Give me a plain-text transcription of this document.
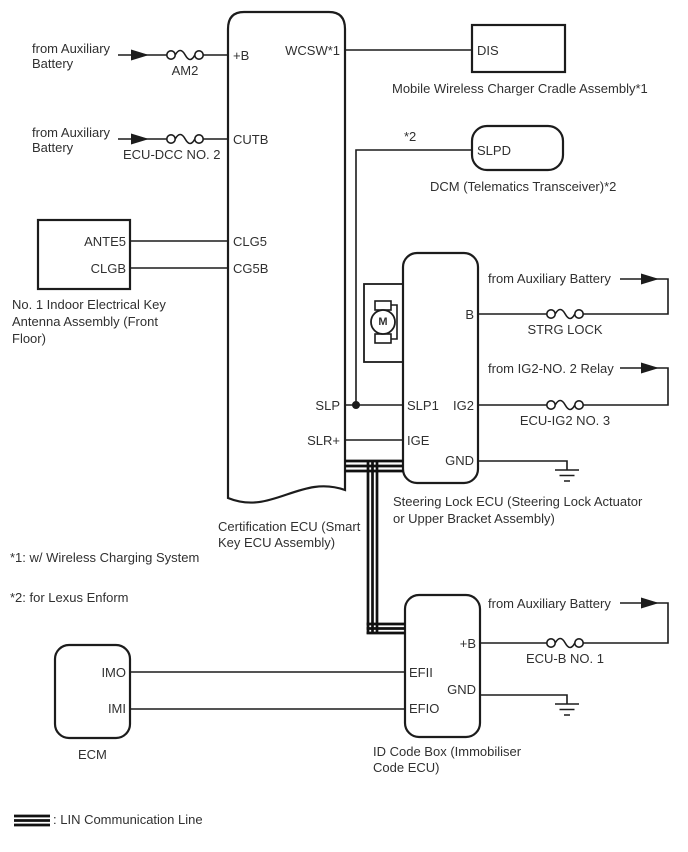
from Auxiliary
Battery	AM2
from Auxiliary
Battery	ECU-DCC NO. 2
+B
CUTB
CLG5
CG5B
WCSW*1
SLP
SLR+
Certification ECU (Smart
Key ECU Assembly)
DIS
Mobile Wireless Charger Cradle Assembly*1
*2
SLPD
DCM (Telematics Transceiver)*2
ANTE5
CLGB
No. 1 Indoor Electrical Key
Antenna Assembly (Front
Floor)
M	B
SLP1	IG2
IGE
GND
Steering Lock ECU (Steering Lock Actuator
or Upper Bracket Assembly)
from Auxiliary Battery
STRG LOCK
from IG2-NO. 2 Relay
ECU-IG2 NO. 3
*1: w/ Wireless Charging System
*2: for Lexus Enform	from Auxiliary Battery
+B
ECU-B NO. 1
EFII
GND
EFIO
ID Code Box (Immobiliser
Code ECU)
IMO
IMI
ECM
: LIN Communication Line
